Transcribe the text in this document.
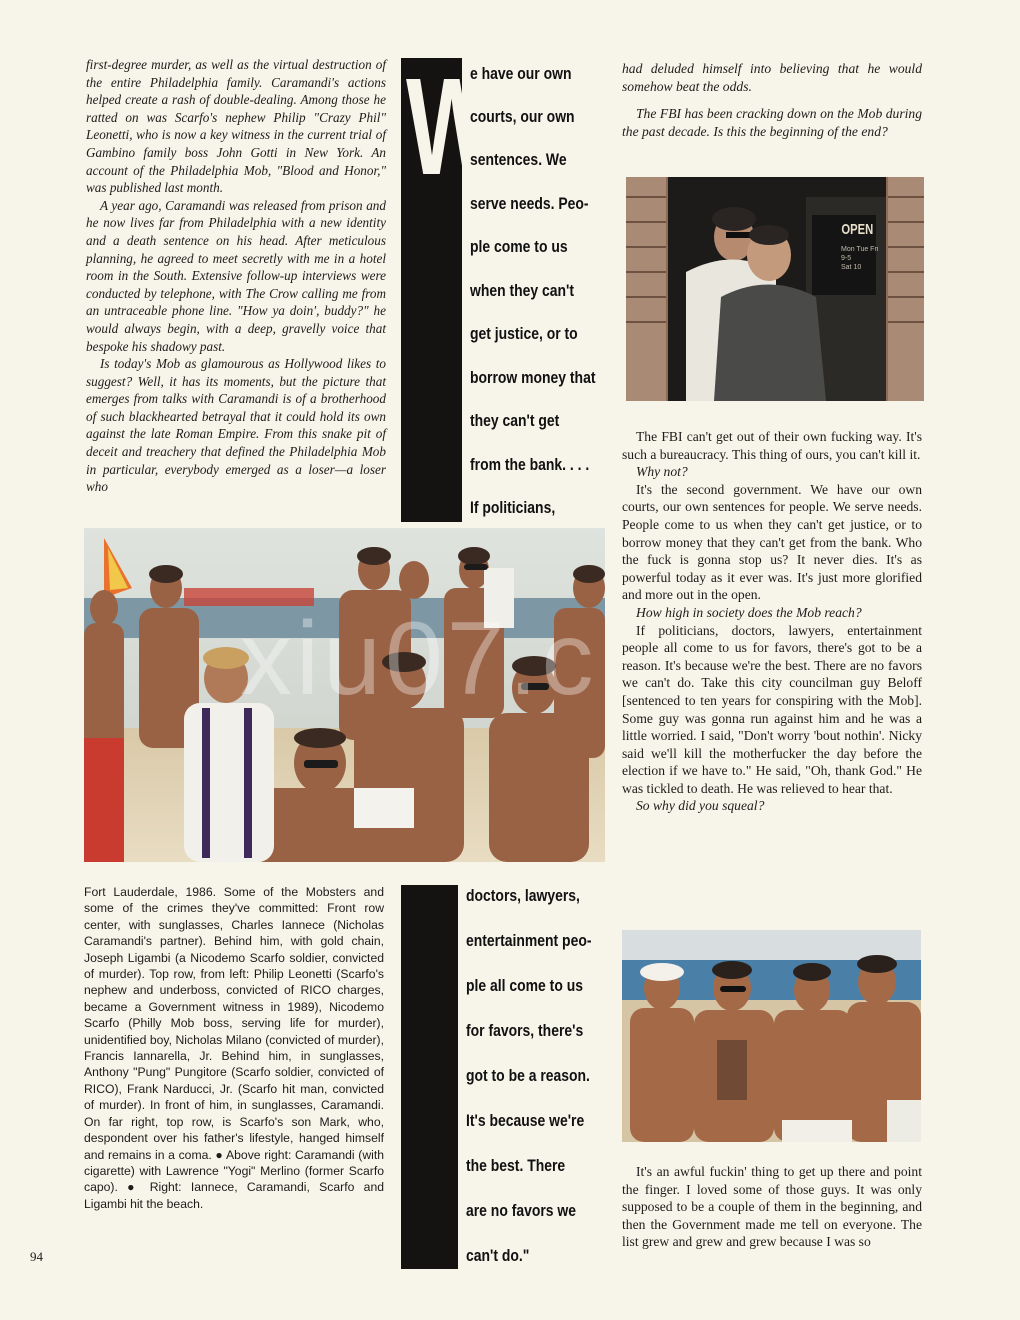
first-degree murder, as well as the virtual destruction of the entire Philadelphia family. Caramandi's actions helped create a rash of double-dealing. Among those he ratted on was Scarfo's nephew Philip "Crazy Phil" Leonetti, who is now a key witness in the current trial of Gambino family boss John Gotti in New York. An account of the Philadelphia Mob, "Blood and Honor," was published last month.

A year ago, Caramandi was released from prison and he now lives far from Philadelphia with a new identity and a death sentence on his head. After meticulous planning, he agreed to meet secretly with me in a hotel room in the South. Extensive follow-up interviews were conducted by telephone, with The Crow calling me from an untraceable phone line. "How ya doin', buddy?" he would always begin, with a deep, gravelly voice that bespoke his shadowy past.

Is today's Mob as glamourous as Hollywood likes to suggest? Well, it has its moments, but the picture that emerges from talks with Caramandi is of a brotherhood of such blackhearted betrayal that it could hold its own against the late Roman Empire. From this snake pit of deceit and treachery that defined the Philadelphia Mob in particular, everybody emerged as a loser—a loser who

W
e have our own
courts, our own
sentences. We
serve needs. Peo-
ple come to us
when they can't
get justice, or to
borrow money that
they can't get
from the bank. . . .
If politicians,
xiu07.c
Fort Lauderdale, 1986. Some of the Mobsters and some of the crimes they've committed: Front row center, with sunglasses, Charles Iannece (Nicholas Caramandi's partner). Behind him, with gold chain, Joseph Ligambi (a Nicodemo Scarfo soldier, convicted of murder). Top row, from left: Philip Leonetti (Scarfo's nephew and underboss, convicted of RICO charges, became a Government witness in 1989), Nicodemo Scarfo (Philly Mob boss, serving life for murder), unidentified boy, Nicholas Milano (convicted of murder), Francis Iannarella, Jr. Behind him, in sunglasses, Anthony "Pung" Pungitore (Scarfo soldier, convicted of RICO), Frank Narducci, Jr. (Scarfo hit man, convicted of murder). In front of him, in sunglasses, Caramandi. On far right, top row, is Scarfo's son Mark, who, despondent over his father's lifestyle, hanged himself and remains in a coma. ● Above right: Caramandi (with cigarette) with Lawrence "Yogi" Merlino (former Scarfo capo). ● Right: Iannece, Caramandi, Scarfo and Ligambi hit the beach.
doctors, lawyers,
entertainment peo-
ple all come to us
for favors, there's
got to be a reason.
It's because we're
the best. There
are no favors we
can't do."

had deluded himself into believing that he would somehow beat the odds.

The FBI has been cracking down on the Mob during the past decade. Is this the beginning of the end?

OPEN
Mon Tue Fri
9-5
Sat 10

The FBI can't get out of their own fucking way. It's such a bureaucracy. This thing of ours, you can't kill it.

Why not?

It's the second government. We have our own courts, our own sentences for people. We serve needs. People come to us when they can't get justice, or to borrow money that they can't get from the bank. Who the fuck is gonna stop us? It never dies. It's as powerful today as it ever was. It's just more glorified and more out in the open.

How high in society does the Mob reach?

If politicians, doctors, lawyers, entertainment people all come to us for favors, there's got to be a reason. It's because we're the best. There are no favors we can't do. Take this city councilman guy Beloff [sentenced to ten years for conspiring with the Mob]. Some guy was gonna run against him and he was a little worried. I said, "Don't worry 'bout nothin'. Nicky said we'll kill the motherfucker the day before the election if we have to." He said, "Oh, thank God." He was tickled to death. He was relieved to hear that.

So why did you squeal?

It's an awful fuckin' thing to get up there and point the finger. I loved some of those guys. It was only supposed to be a couple of them in the beginning, and then the Government made me tell on everyone. The list grew and grew and grew because I was so

94
